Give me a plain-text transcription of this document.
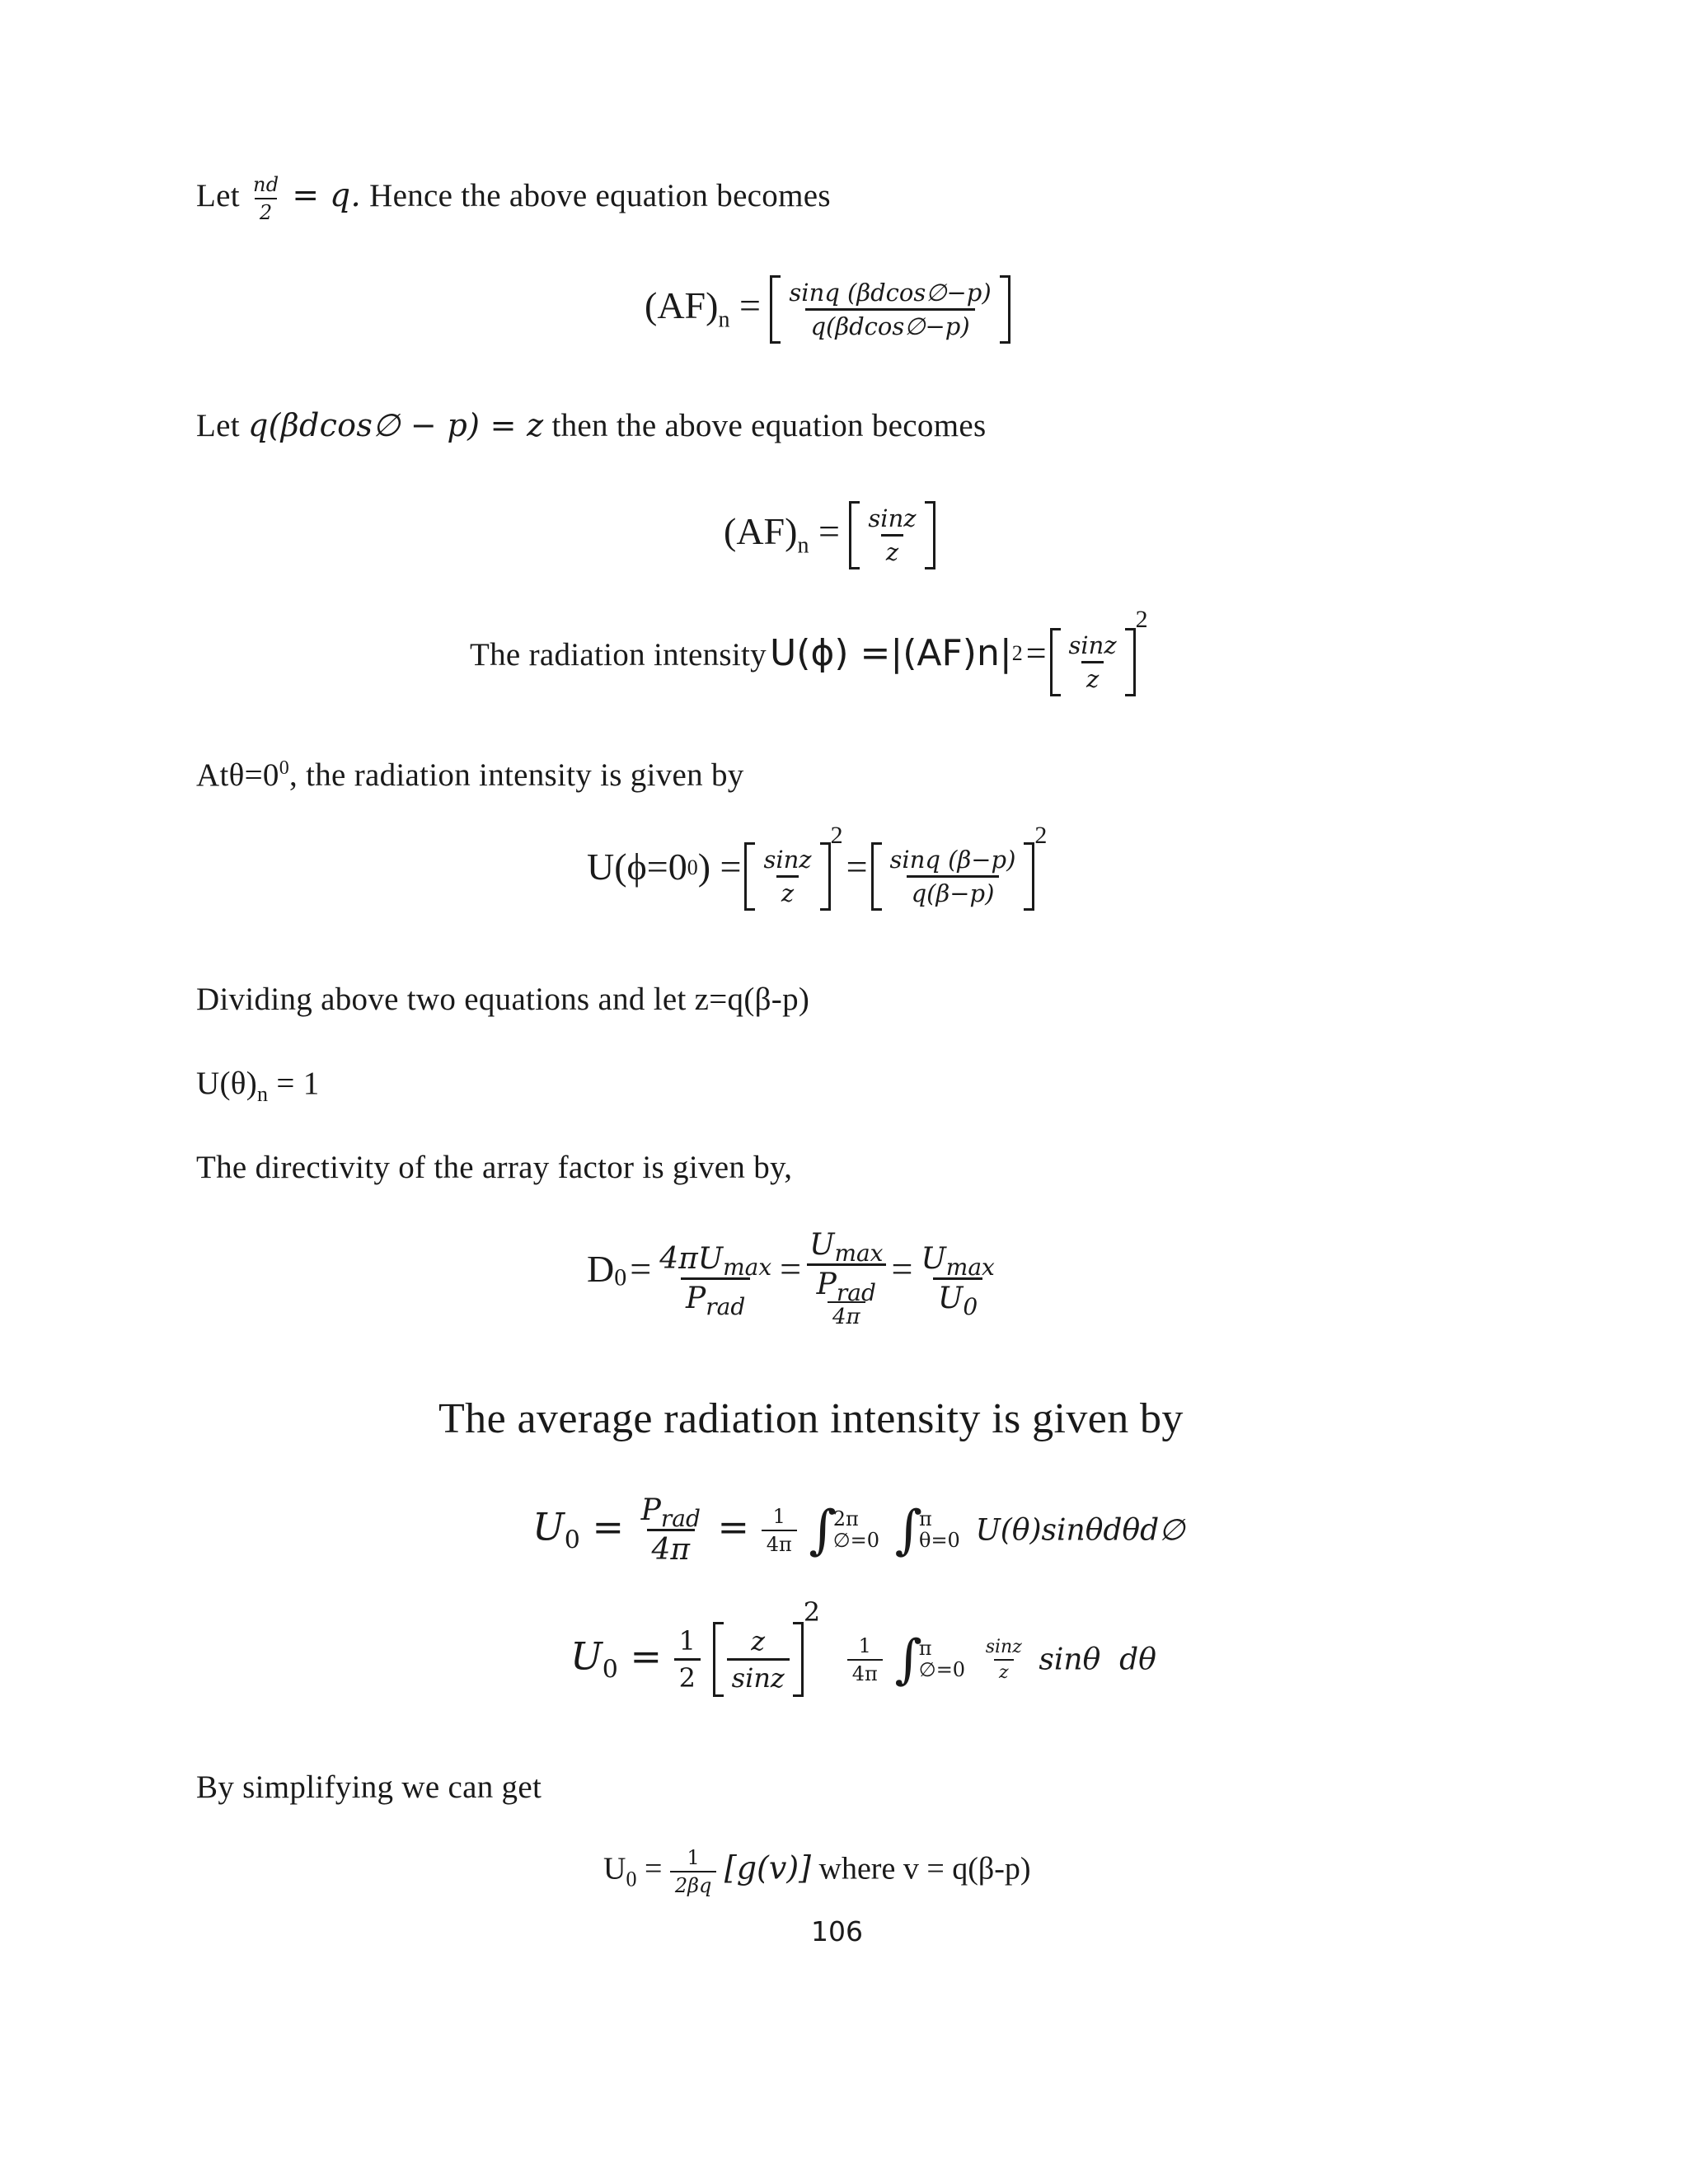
Let $\frac{nd}{2} = q$. Hence the above equation becomes
$(AF)_n = \frac{\sin q (\beta dcos\emptyset-p)}{q(\beta dcos\emptyset-p)}$
Let q(βdcos∅ − p) = z then the above equation becomes
$(AF)_n = \frac{\sin z}{z}$
The radiation intensity $U(\phi) =|(AF)n|^2 = \frac{\sin z}{z}$
$^2$
$At\theta=0^0$, the radiation intensity is given by
$U(\phi=0^0) = \frac{\sin z}{z}$
$^2 = \frac{\sin q (\beta-p)}{q(\beta-p)}$
$^2$
Dividing above two equations and let z=q(β-p)
$U(\theta)_n = 1$
The directivity of the array factor is given by,
$D_0 = \frac{4\pi U_{max}}{P_{rad}} = \frac{U_{max}}{\frac{P_{rad}}{4\pi}} = \frac{U_{max}}{U_0}$
The average radiation intensity is given by
$U_0 = \frac{P_{rad}}{4\pi} = \frac{1}{4\pi}$ ∫
2π
∅=0 ∫
π
θ=0 U(θ)sinθdθd∅
$U_0 = \frac{1}{2}$
$\frac{z}{\sin z}$
$^2$
$\frac{1}{4\pi}$ ∫
π
∅=0
$\frac{\sin z}{z}$ sinθ  dθ
By simplifying we can get
$U_0 = \frac{1}{2\beta q} [g(v)]$ where v = q(β-p)
106
